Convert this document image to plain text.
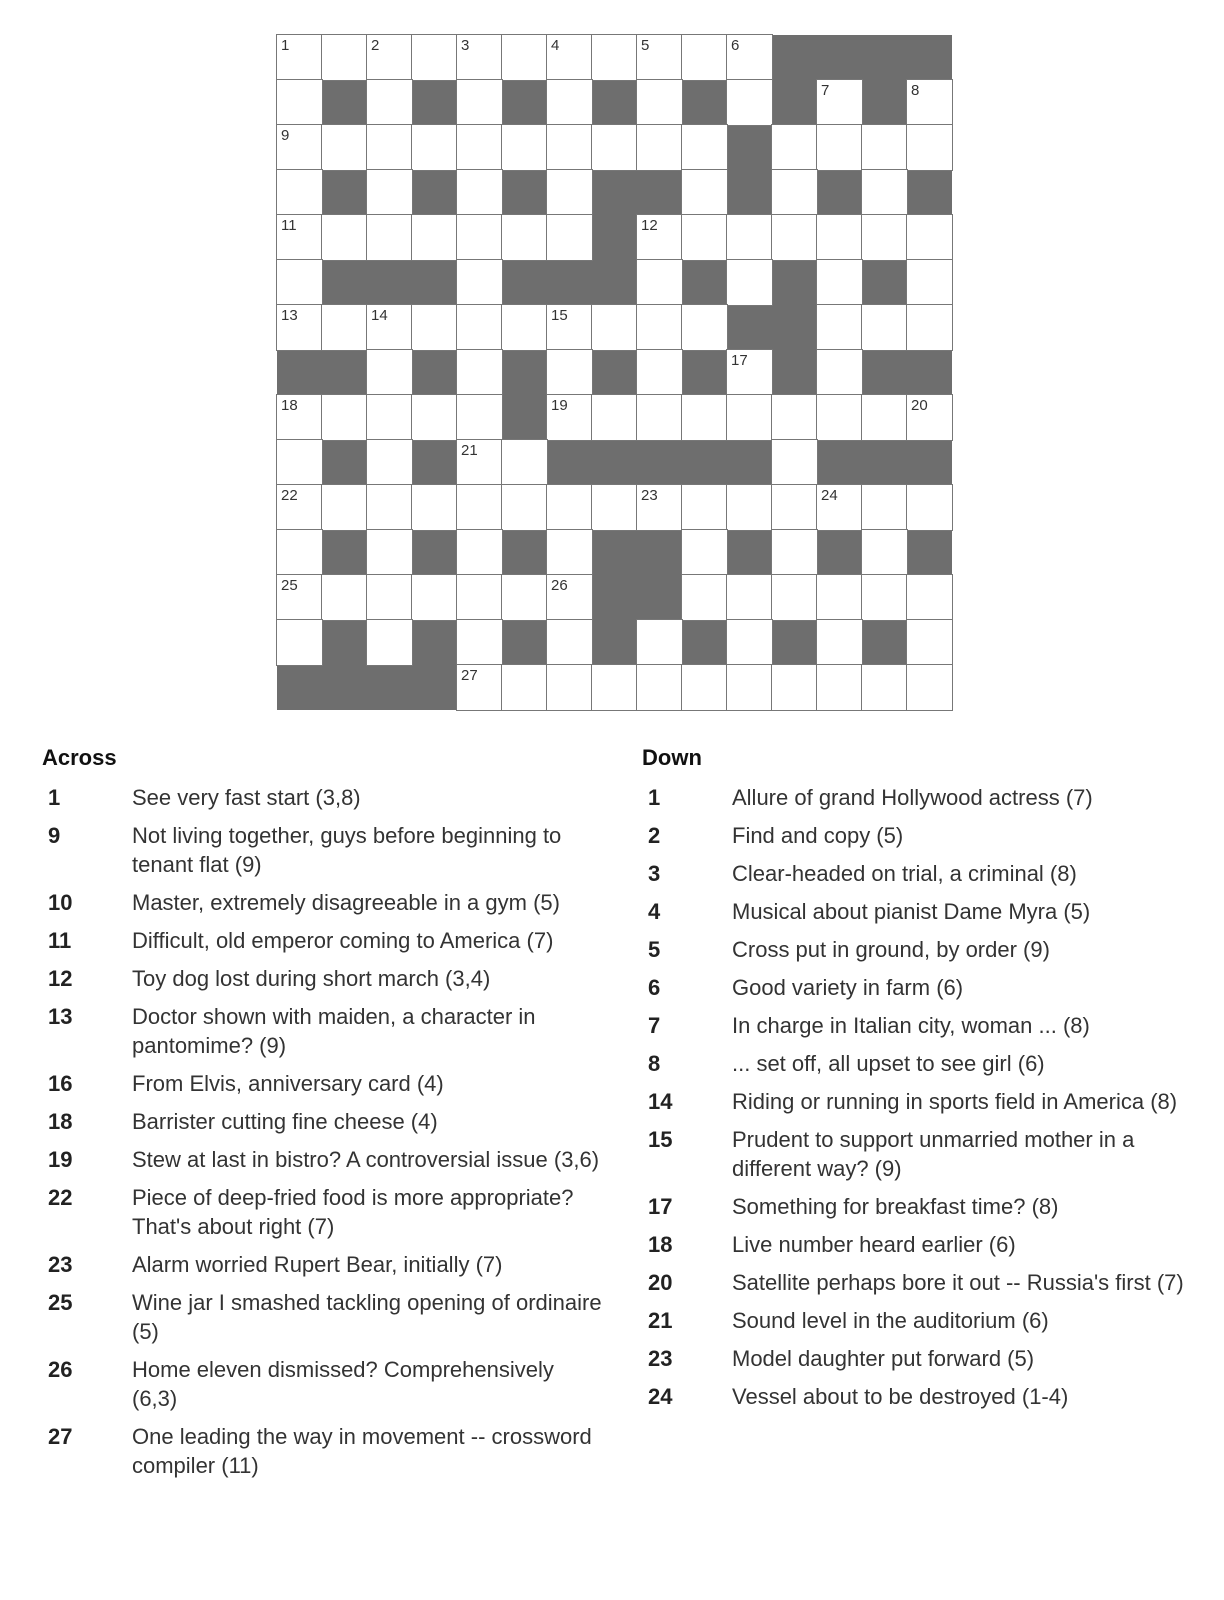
1	2	3	4	5	6
7	8
9
11	12
13	14	15
17
18	19	20
21
22	23	24
25	26
27
Across
1	See very fast start (3,8)
9	Not living together, guys before beginning to tenant flat (9)
10	Master, extremely disagreeable in a gym (5)
11	Difficult, old emperor coming to America (7)
12	Toy dog lost during short march (3,4)
13	Doctor shown with maiden, a character in pantomime? (9)
16	From Elvis, anniversary card (4)
18	Barrister cutting fine cheese (4)
19	Stew at last in bistro? A controversial issue (3,6)
22	Piece of deep-fried food is more appropriate? That's about right (7)
23	Alarm worried Rupert Bear, initially (7)
25	Wine jar I smashed tackling opening of ordinaire (5)
26	Home eleven dismissed? Comprehensively (6,3)
27	One leading the way in movement -- crossword compiler (11)
Down
1	Allure of grand Hollywood actress (7)
2	Find and copy (5)
3	Clear-headed on trial, a criminal (8)
4	Musical about pianist Dame Myra (5)
5	Cross put in ground, by order (9)
6	Good variety in farm (6)
7	In charge in Italian city, woman ... (8)
8	... set off, all upset to see girl (6)
14	Riding or running in sports field in America (8)
15	Prudent to support unmarried mother in a different way? (9)
17	Something for breakfast time? (8)
18	Live number heard earlier (6)
20	Satellite perhaps bore it out -- Russia's first (7)
21	Sound level in the auditorium (6)
23	Model daughter put forward (5)
24	Vessel about to be destroyed (1-4)
